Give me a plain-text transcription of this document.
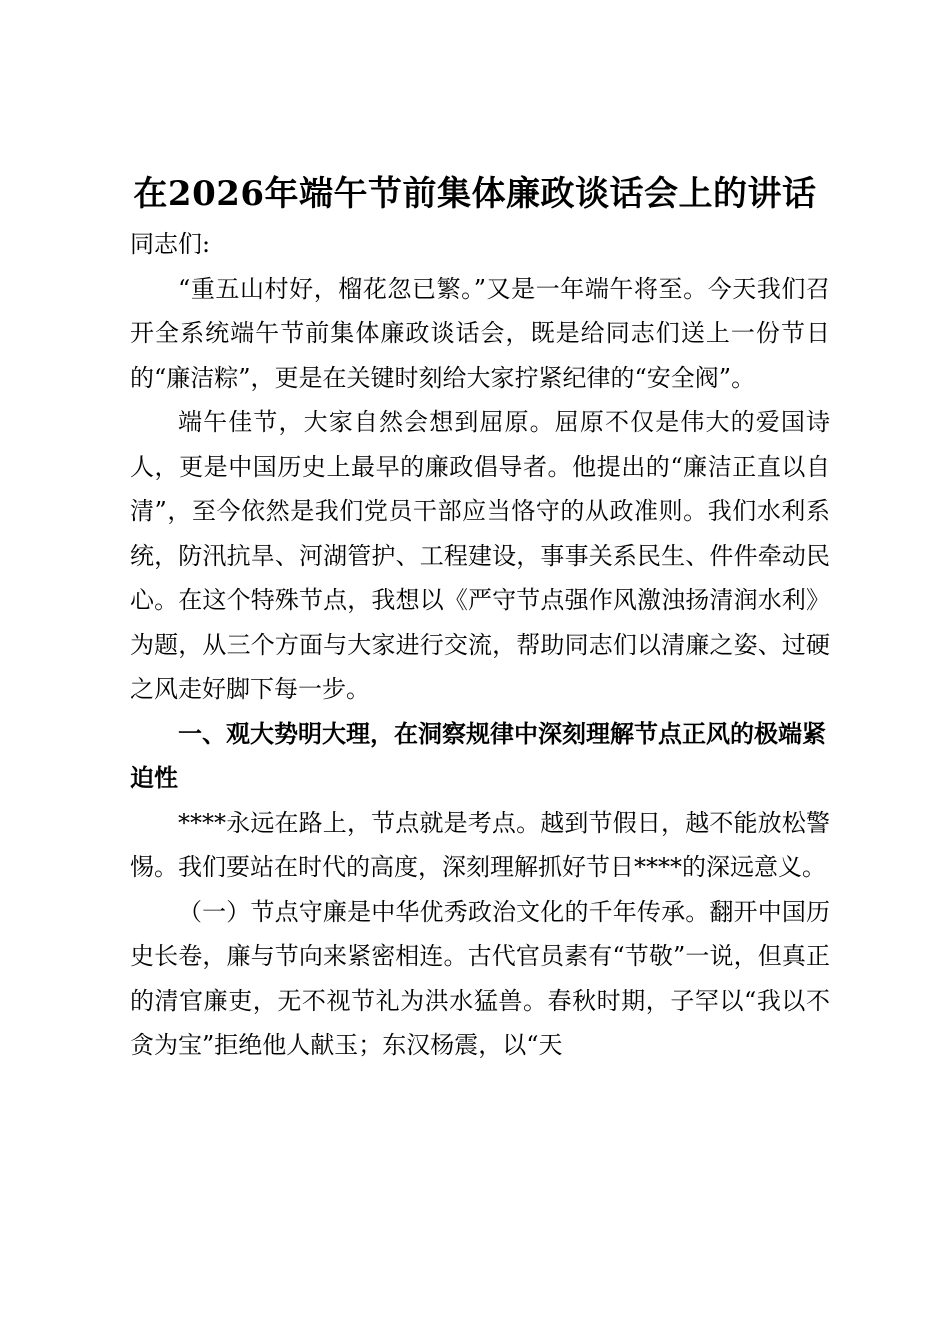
在2026年端午节前集体廉政谈话会上的讲话

同志们:

“重五山村好，榴花忽已繁。”又是一年端午将至。今天我们召开全系统端午节前集体廉政谈话会，既是给同志们送上一份节日的“廉洁粽”，更是在关键时刻给大家拧紧纪律的“安全阀”。

端午佳节，大家自然会想到屈原。屈原不仅是伟大的爱国诗人，更是中国历史上最早的廉政倡导者。他提出的“廉洁正直以自清”，至今依然是我们党员干部应当恪守的从政准则。我们水利系统，防汛抗旱、河湖管护、工程建设，事事关系民生、件件牵动民心。在这个特殊节点，我想以《严守节点强作风激浊扬清润水利》为题，从三个方面与大家进行交流，帮助同志们以清廉之姿、过硬之风走好脚下每一步。

一、观大势明大理，在洞察规律中深刻理解节点正风的极端紧迫性

****永远在路上，节点就是考点。越到节假日，越不能放松警惕。我们要站在时代的高度，深刻理解抓好节日****的深远意义。

（一）节点守廉是中华优秀政治文化的千年传承。翻开中国历史长卷，廉与节向来紧密相连。古代官员素有“节敬”一说，但真正的清官廉吏，无不视节礼为洪水猛兽。春秋时期，子罕以“我以不贪为宝”拒绝他人献玉；东汉杨震，以“天
